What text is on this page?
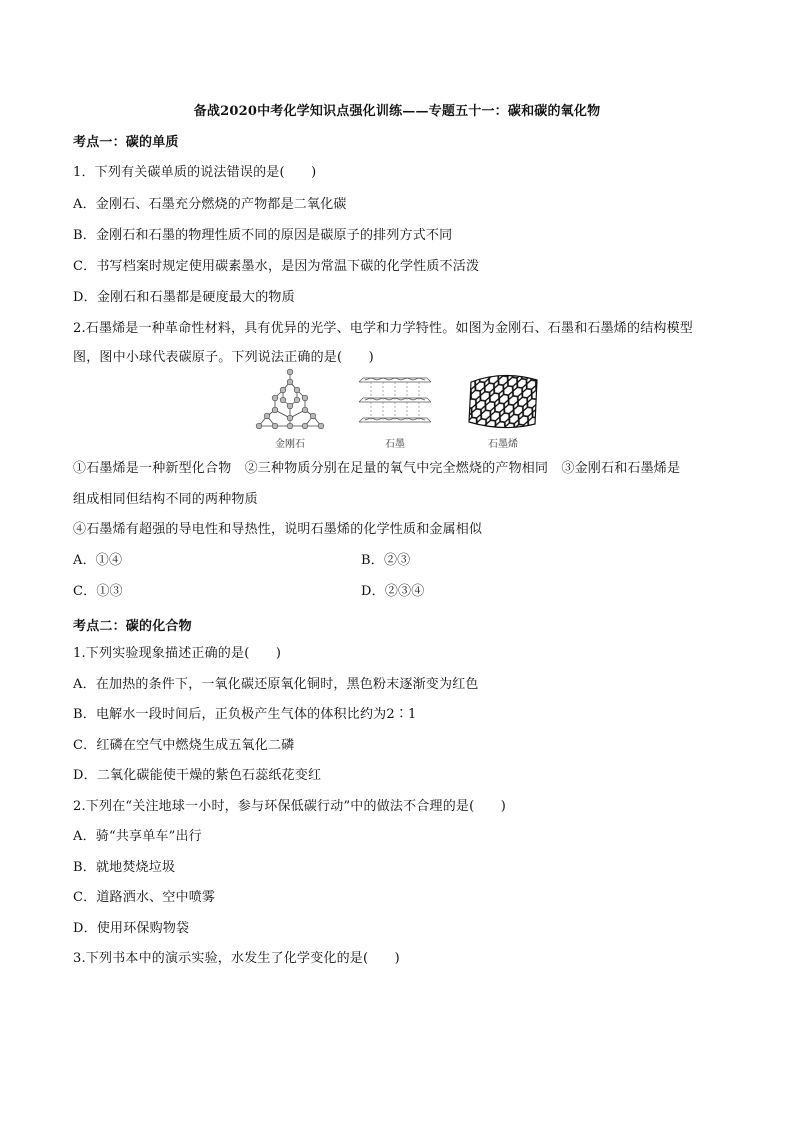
备战2020中考化学知识点强化训练——专题五十一：碳和碳的氧化物
考点一：碳的单质
1．下列有关碳单质的说法错误的是(　　)
A．金刚石、石墨充分燃烧的产物都是二氧化碳
B．金刚石和石墨的物理性质不同的原因是碳原子的排列方式不同
C．书写档案时规定使用碳素墨水，是因为常温下碳的化学性质不活泼
D．金刚石和石墨都是硬度最大的物质
2.石墨烯是一种革命性材料，具有优异的光学、电学和力学特性。如图为金刚石、石墨和石墨烯的结构模型
图，图中小球代表碳原子。下列说法正确的是(　　)
金刚石	石墨	石墨烯
①石墨烯是一种新型化合物　②三种物质分别在足量的氧气中完全燃烧的产物相同　③金刚石和石墨烯是
组成相同但结构不同的两种物质
④石墨烯有超强的导电性和导热性，说明石墨烯的化学性质和金属相似
A．①④	B．②③
C．①③	D．②③④
考点二：碳的化合物
1.下列实验现象描述正确的是(　　)
A．在加热的条件下，一氧化碳还原氧化铜时，黑色粉末逐渐变为红色
B．电解水一段时间后，正负极产生气体的体积比约为2∶1
C．红磷在空气中燃烧生成五氧化二磷
D．二氧化碳能使干燥的紫色石蕊纸花变红
2.下列在“关注地球一小时，参与环保低碳行动”中的做法不合理的是(　　)
A．骑“共享单车”出行
B．就地焚烧垃圾
C．道路洒水、空中喷雾
D．使用环保购物袋
3.下列书本中的演示实验，水发生了化学变化的是(　　)
